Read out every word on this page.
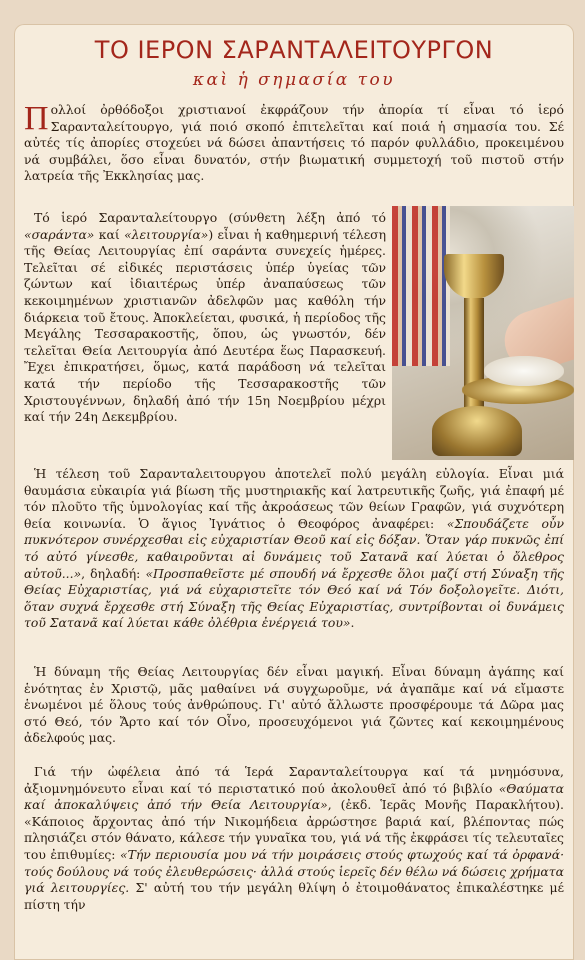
ΤΟ ΙΕΡΟΝ ΣΑΡΑΝΤΑΛΕΙΤΟΥΡΓΟΝ
καὶ ἡ σημασία του

Πολλοί ὀρθόδοξοι χριστιανοί ἐκφράζουν τήν ἀπορία τί εἶναι τό ἱερό Σαρανταλείτουργο, γιά ποιό σκοπό ἐπιτελεῖται καί ποιά ἡ σημασία του. Σέ αὐτές τίς ἀπορίες στοχεύει νά δώσει ἀπαντήσεις τό παρόν φυλλάδιο, προκειμένου νά συμβάλει, ὅσο εἶναι δυνατόν, στήν βιωματική συμμετοχή τοῦ πιστοῦ στήν λατρεία τῆς Ἐκκλησίας μας.

Τό ἱερό Σαρανταλείτουργο (σύνθετη λέξη ἀπό τό «σαράντα» καί «λειτουργία») εἶναι ἡ καθημερινή τέλεση τῆς Θείας Λειτουργίας ἐπί σαράντα συνεχείς ἡμέρες. Τελεῖται σέ εἰδικές περιστάσεις ὑπέρ ὑγείας τῶν ζώντων καί ἰδιαιτέρως ὑπέρ ἀναπαύσεως τῶν κεκοιμημένων χριστιανῶν ἀδελφῶν μας καθόλη τήν διάρκεια τοῦ ἔτους. Ἀποκλείεται, φυσικά, ἡ περίοδος τῆς Μεγάλης Τεσσαρακοστῆς, ὅπου, ὡς γνωστόν, δέν τελεῖται Θεία Λειτουργία ἀπό Δευτέρα ἕως Παρασκευή. Ἔχει ἐπικρατήσει, ὅμως, κατά παράδοση νά τελεῖται κατά τήν περίοδο τῆς Τεσσαρακοστῆς τῶν Χριστουγέννων, δηλαδή ἀπό τήν 15η Νοεμβρίου μέχρι καί τήν 24η Δεκεμβρίου.

Ἡ τέλεση τοῦ Σαρανταλειτουργου ἀποτελεῖ πολύ μεγάλη εὐλογία. Εἶναι μιά θαυμάσια εὐκαιρία γιά βίωση τῆς μυστηριακῆς καί λατρευτικῆς ζωῆς, γιά ἐπαφή μέ τόν πλοῦτο τῆς ὑμνολογίας καί τῆς ἀκροάσεως τῶν θείων Γραφῶν, γιά συχνότερη θεία κοινωνία. Ὁ ἅγιος Ἰγνάτιος ὁ Θεοφόρος ἀναφέρει: «Σπουδάζετε οὖν πυκνότερον συνέρχεσθαι εἰς εὐχαριστίαν Θεοῦ καί εἰς δόξαν. Ὅταν γάρ πυκνῶς ἐπί τό αὐτό γίνεσθε, καθαιροῦνται αἱ δυνάμεις τοῦ Σατανᾶ καί λύεται ὁ ὄλεθρος αὐτοῦ...», δηλαδή: «Προσπαθεῖστε μέ σπουδή νά ἔρχεσθε ὅλοι μαζί στή Σύναξη τῆς Θείας Εὐχαριστίας, γιά νά εὐχαριστεῖτε τόν Θεό καί νά Τόν δοξολογεῖτε. Διότι, ὅταν συχνά ἔρχεσθε στή Σύναξη τῆς Θείας Εὐχαριστίας, συντρίβονται οἱ δυνάμεις τοῦ Σατανᾶ καί λύεται κάθε ὀλέθρια ἐνέργειά του».

Ἡ δύναμη τῆς Θείας Λειτουργίας δέν εἶναι μαγική. Εἶναι δύναμη ἀγάπης καί ἑνότητας ἐν Χριστῷ, μᾶς μαθαίνει νά συγχωροῦμε, νά ἀγαπᾶμε καί νά εἴμαστε ἑνωμένοι μέ ὅλους τούς ἀνθρώπους. Γι' αὐτό ἄλλωστε προσφέρουμε τά Δῶρα μας στό Θεό, τόν Ἄρτο καί τόν Οἶνο, προσευχόμενοι γιά ζῶντες καί κεκοιμημένους ἀδελφούς μας.

Γιά τήν ὠφέλεια ἀπό τά Ἱερά Σαρανταλείτουργα καί τά μνημόσυνα, ἀξιομνημόνευτο εἶναι καί τό περιστατικό πού ἀκολουθεῖ ἀπό τό βιβλίο «Θαύματα καί ἀποκαλύψεις ἀπό τήν Θεία Λειτουργία», (ἐκδ. Ἱερᾶς Μονῆς Παρακλήτου). «Κάποιος ἄρχοντας ἀπό τήν Νικομήδεια ἀρρώστησε βαριά καί, βλέποντας πώς πλησιάζει στόν θάνατο, κάλεσε τήν γυναῖκα του, γιά νά τῆς ἐκφράσει τίς τελευταῖες του ἐπιθυμίες: «Τήν περιουσία μου νά τήν μοιράσεις στούς φτωχούς καί τά ὀρφανά· τούς δούλους νά τούς ἐλευθερώσεις· ἀλλά στούς ἱερεῖς δέν θέλω νά δώσεις χρήματα γιά λειτουργίες. Σ' αὐτή του τήν μεγάλη θλίψη ὁ ἐτοιμοθάνατος ἐπικαλέστηκε μέ πίστη τήν
